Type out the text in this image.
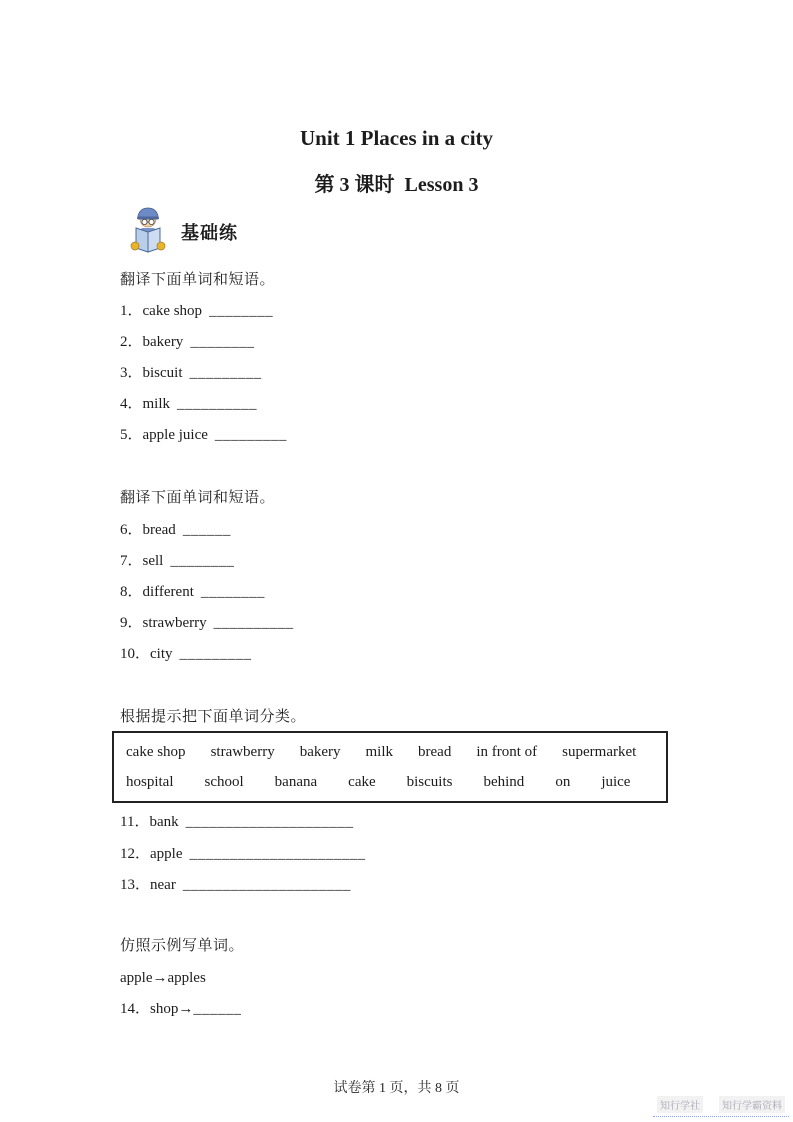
Unit 1 Places in a city
第 3 课时  Lesson 3
基础练
翻译下面单词和短语。
1．cake shop ________
2．bakery ________
3．biscuit _________
4．milk __________
5．apple juice _________
翻译下面单词和短语。
6．bread ______
7．sell ________
8．different ________
9．strawberry __________
10．city _________
根据提示把下面单词分类。
cake shop strawberry bakery milk bread in front of supermarket
hospital school banana cake biscuits behind on juice
11．bank _____________________
12．apple ______________________
13．near _____________________
仿照示例写单词。
apple→apples
14．shop→______
试卷第 1 页，共 8 页
知行学社	知行学霸资料
